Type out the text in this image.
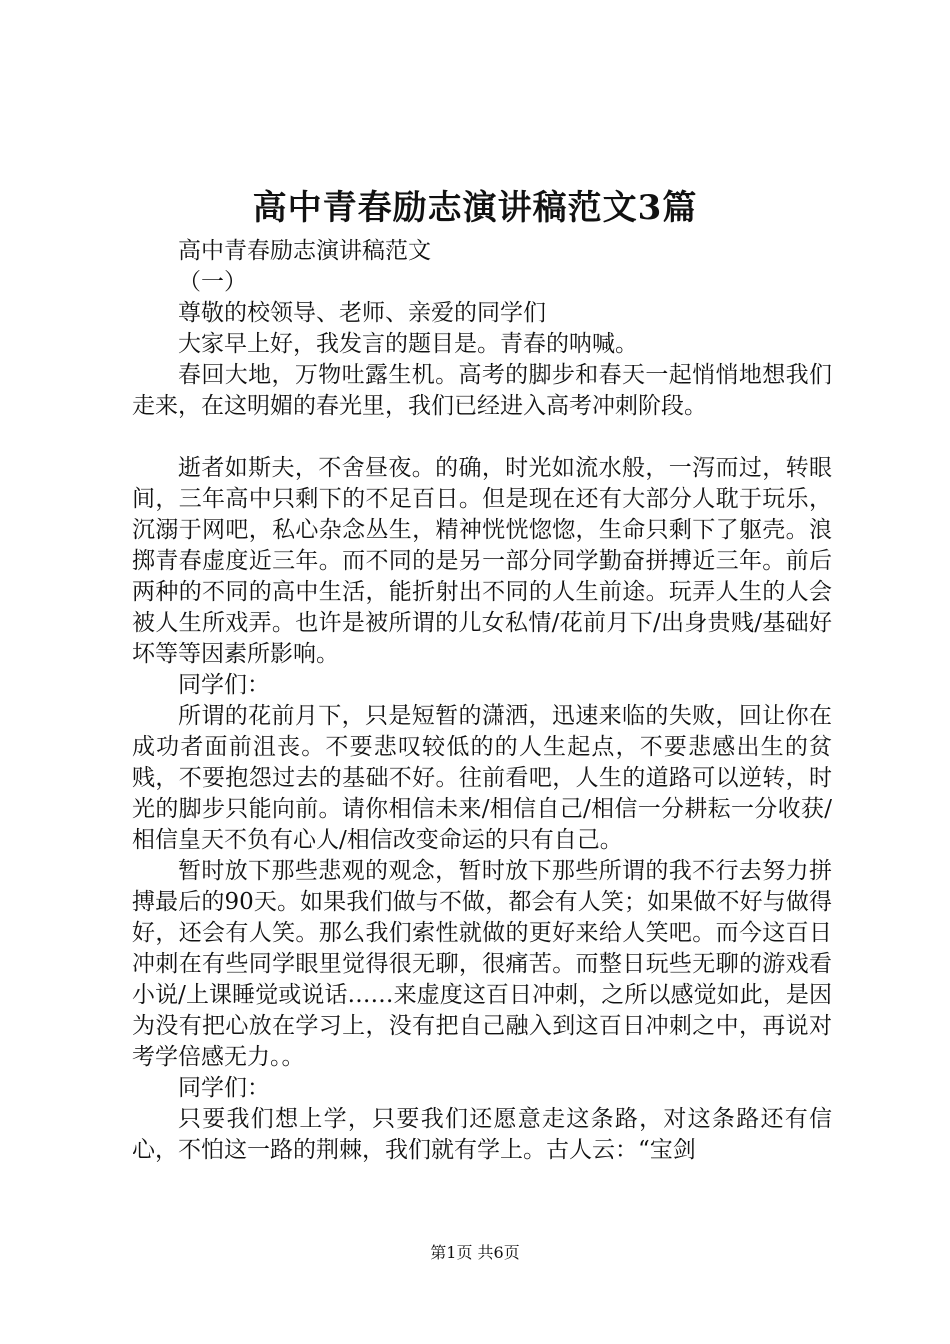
高中青春励志演讲稿范文3篇

高中青春励志演讲稿范文

（一）

尊敬的校领导、老师、亲爱的同学们

大家早上好，我发言的题目是。青春的呐喊。

春回大地，万物吐露生机。高考的脚步和春天一起悄悄地想我们走来，在这明媚的春光里，我们已经进入高考冲刺阶段。

逝者如斯夫，不舍昼夜。的确，时光如流水般，一泻而过，转眼间，三年高中只剩下的不足百日。但是现在还有大部分人耽于玩乐，沉溺于网吧，私心杂念丛生，精神恍恍惚惚，生命只剩下了躯壳。浪掷青春虚度近三年。而不同的是另一部分同学勤奋拼搏近三年。前后两种的不同的高中生活，能折射出不同的人生前途。玩弄人生的人会被人生所戏弄。也许是被所谓的儿女私情/花前月下/出身贵贱/基础好坏等等因素所影响。

同学们：

所谓的花前月下，只是短暂的潇洒，迅速来临的失败，回让你在成功者面前沮丧。不要悲叹较低的的人生起点，不要悲感出生的贫贱，不要抱怨过去的基础不好。往前看吧，人生的道路可以逆转，时光的脚步只能向前。请你相信未来/相信自己/相信一分耕耘一分收获/相信皇天不负有心人/相信改变命运的只有自己。

暂时放下那些悲观的观念，暂时放下那些所谓的我不行去努力拼搏最后的90天。如果我们做与不做，都会有人笑；如果做不好与做得好，还会有人笑。那么我们索性就做的更好来给人笑吧。而今这百日冲刺在有些同学眼里觉得很无聊，很痛苦。而整日玩些无聊的游戏看小说/上课睡觉或说话……来虚度这百日冲刺，之所以感觉如此，是因为没有把心放在学习上，没有把自己融入到这百日冲刺之中，再说对考学倍感无力。。

同学们：

只要我们想上学，只要我们还愿意走这条路，对这条路还有信心，不怕这一路的荆棘，我们就有学上。古人云：“宝剑

第1页 共6页
